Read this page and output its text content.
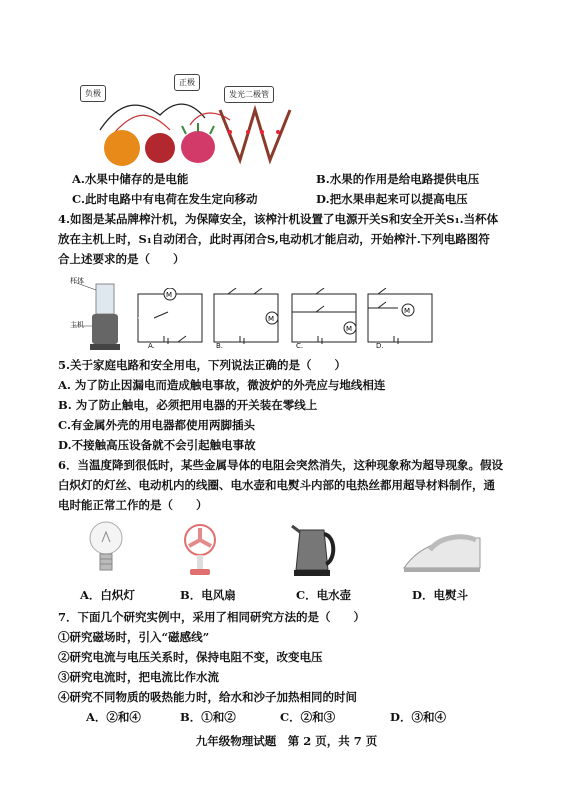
负极
正极
发光二极管
A.水果中储存的是电能	B.水果的作用是给电路提供电压
C.此时电路中有电荷在发生定向移动	D.把水果串起来可以提高电压
4.如图是某品牌榨汁机，为保障安全，该榨汁机设置了电源开关S和安全开关S₁.当杯体
放在主机上时，S₁自动闭合，此时再闭合S,电动机才能启动，开始榨汁.下列电路图符
合上述要求的是（　　）
杯体
主机
M
M
M
M
A.	B.	C.	D.
5.关于家庭电路和安全用电，下列说法正确的是（　　）
A. 为了防止因漏电而造成触电事故，微波炉的外壳应与地线相连
B. 为了防止触电，必须把用电器的开关装在零线上
C.有金属外壳的用电器都使用两脚插头
D.不接触高压设备就不会引起触电事故
6．当温度降到很低时，某些金属导体的电阻会突然消失，这种现象称为超导现象。假设
白炽灯的灯丝、电动机内的线圈、电水壶和电熨斗内部的电热丝都用超导材料制作，通
电时能正常工作的是（　　）
A．白炽灯	B．电风扇	C．电水壶	D．电熨斗
7．下面几个研究实例中，采用了相同研究方法的是（　　）
①研究磁场时，引入“磁感线”
②研究电流与电压关系时，保持电阻不变，改变电压
③研究电流时，把电流比作水流
④研究不同物质的吸热能力时，给水和沙子加热相同的时间
A．②和④	B．①和②	C．②和③	D．③和④
九年级物理试题　第 2 页，共 7 页
